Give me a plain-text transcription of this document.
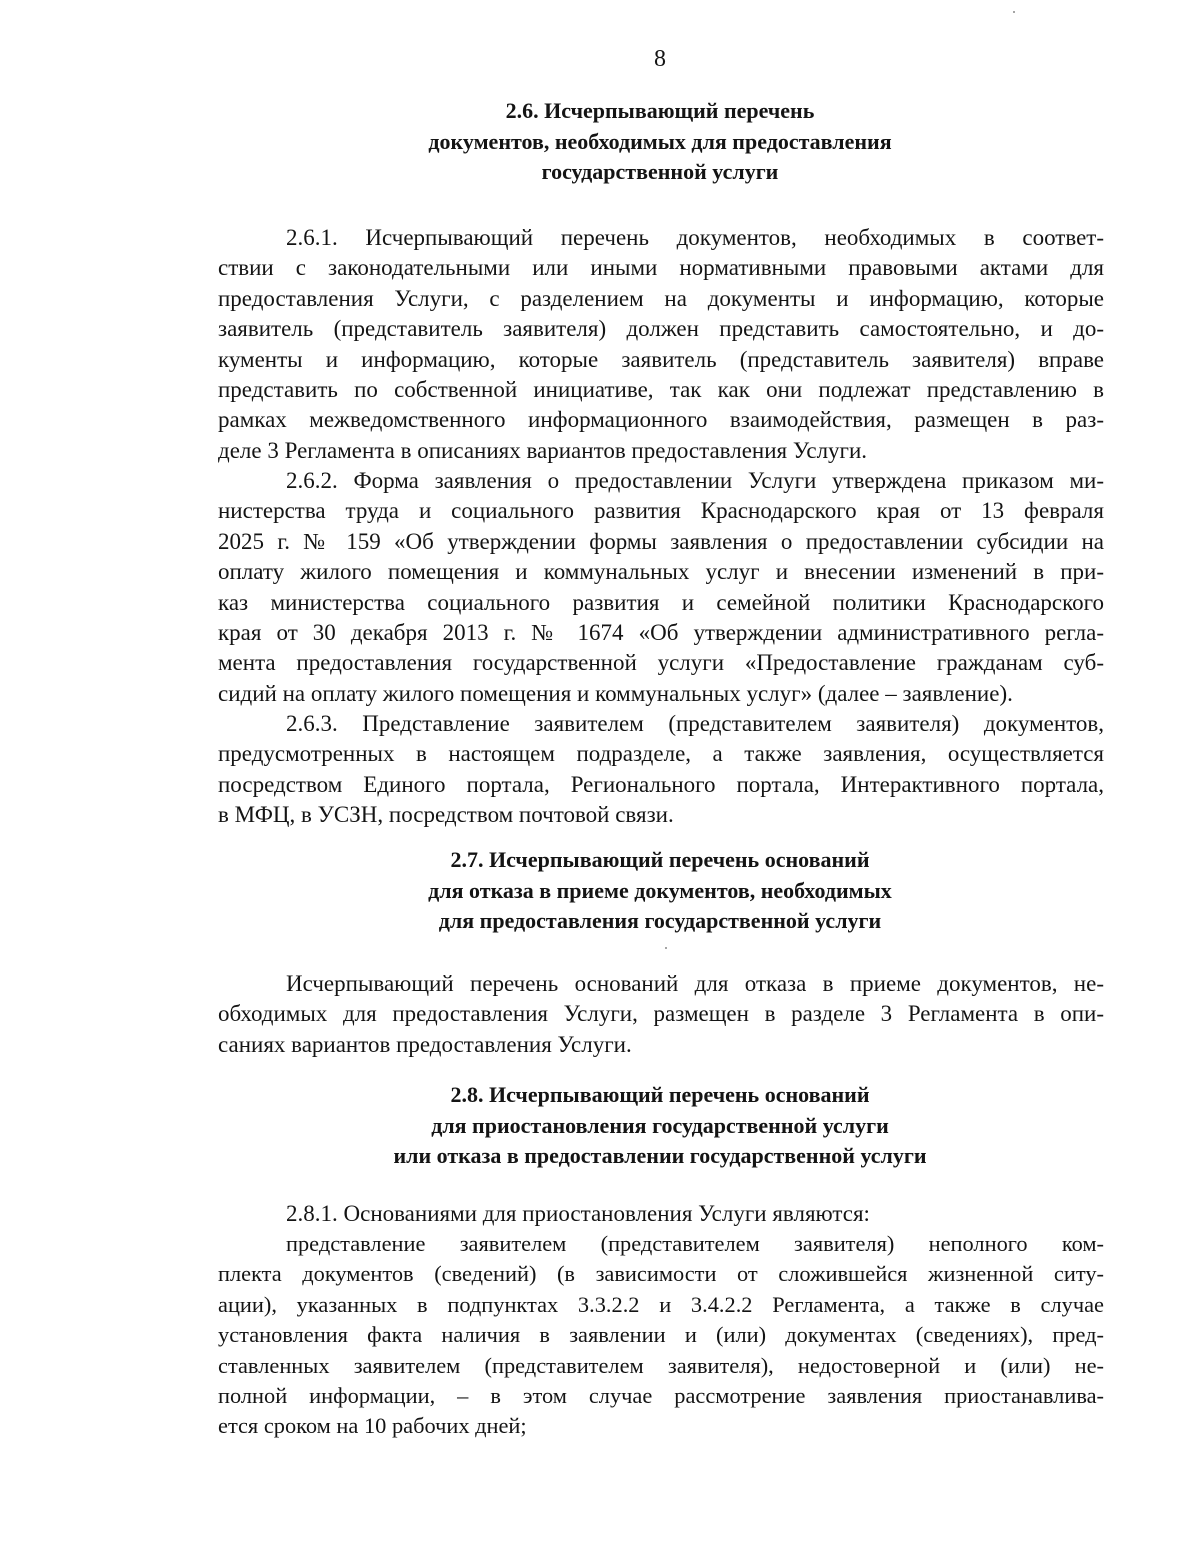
8
2.6. Исчерпывающий перечень
документов, необходимых для предоставления
государственной услуги
2.6.1. Исчерпывающий перечень документов, необходимых в соответ-
ствии с законодательными или иными нормативными правовыми актами для
предоставления Услуги, с разделением на документы и информацию, которые
заявитель (представитель заявителя) должен представить самостоятельно, и до-
кументы и информацию, которые заявитель (представитель заявителя) вправе
представить по собственной инициативе, так как они подлежат представлению в
рамках межведомственного информационного взаимодействия, размещен в раз-
деле 3 Регламента в описаниях вариантов предоставления Услуги.
2.6.2. Форма заявления о предоставлении Услуги утверждена приказом ми-
нистерства труда и социального развития Краснодарского края от 13 февраля
2025 г. № 159 «Об утверждении формы заявления о предоставлении субсидии на
оплату жилого помещения и коммунальных услуг и внесении изменений в при-
каз министерства социального развития и семейной политики Краснодарского
края от 30 декабря 2013 г. № 1674 «Об утверждении административного регла-
мента предоставления государственной услуги «Предоставление гражданам суб-
сидий на оплату жилого помещения и коммунальных услуг» (далее – заявление).
2.6.3. Представление заявителем (представителем заявителя) документов,
предусмотренных в настоящем подразделе, а также заявления, осуществляется
посредством Единого портала, Регионального портала, Интерактивного портала,
в МФЦ, в УСЗН, посредством почтовой связи.
2.7. Исчерпывающий перечень оснований
для отказа в приеме документов, необходимых
для предоставления государственной услуги
Исчерпывающий перечень оснований для отказа в приеме документов, не-
обходимых для предоставления Услуги, размещен в разделе 3 Регламента в опи-
саниях вариантов предоставления Услуги.
2.8. Исчерпывающий перечень оснований
для приостановления государственной услуги
или отказа в предоставлении государственной услуги
2.8.1. Основаниями для приостановления Услуги являются:
представление заявителем (представителем заявителя) неполного ком-
плекта документов (сведений) (в зависимости от сложившейся жизненной ситу-
ации), указанных в подпунктах 3.3.2.2 и 3.4.2.2 Регламента, а также в случае
установления факта наличия в заявлении и (или) документах (сведениях), пред-
ставленных заявителем (представителем заявителя), недостоверной и (или) не-
полной информации, – в этом случае рассмотрение заявления приостанавлива-
ется сроком на 10 рабочих дней;
